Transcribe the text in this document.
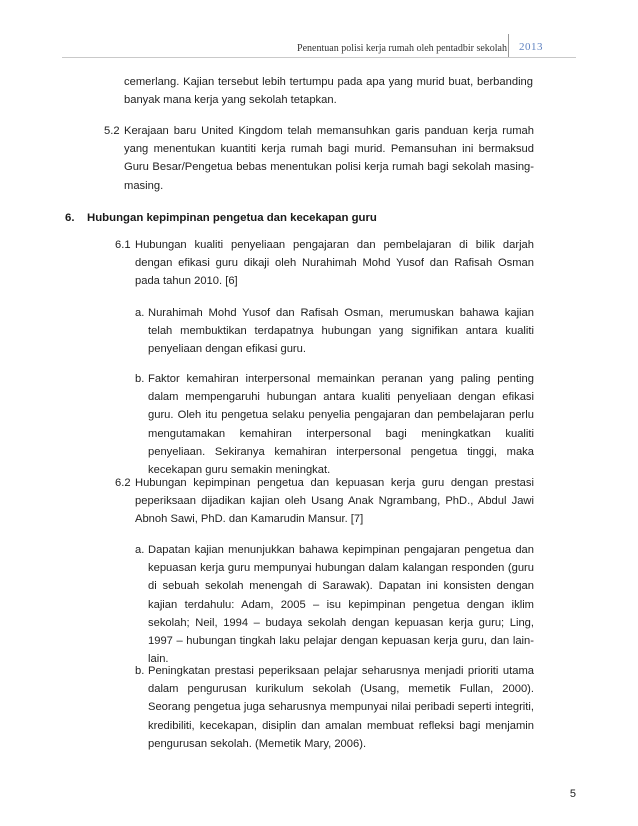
Penentuan polisi kerja rumah oleh pentadbir sekolah 2013
cemerlang. Kajian tersebut lebih tertumpu pada apa yang murid buat, berbanding banyak mana kerja yang sekolah tetapkan.
5.2 Kerajaan baru United Kingdom telah memansuhkan garis panduan kerja rumah yang menentukan kuantiti kerja rumah bagi murid. Pemansuhan ini bermaksud Guru Besar/Pengetua bebas menentukan polisi kerja rumah bagi sekolah masing-masing.
6. Hubungan kepimpinan pengetua dan kecekapan guru
6.1 Hubungan kualiti penyeliaan pengajaran dan pembelajaran di bilik darjah dengan efikasi guru dikaji oleh Nurahimah Mohd Yusof dan Rafisah Osman pada tahun 2010. [6]
a. Nurahimah Mohd Yusof dan Rafisah Osman, merumuskan bahawa kajian telah membuktikan terdapatnya hubungan yang signifikan antara kualiti penyeliaan dengan efikasi guru.
b. Faktor kemahiran interpersonal memainkan peranan yang paling penting dalam mempengaruhi hubungan antara kualiti penyeliaan dengan efikasi guru. Oleh itu pengetua selaku penyelia pengajaran dan pembelajaran perlu mengutamakan kemahiran interpersonal bagi meningkatkan kualiti penyeliaan. Sekiranya kemahiran interpersonal pengetua tinggi, maka kecekapan guru semakin meningkat.
6.2 Hubungan kepimpinan pengetua dan kepuasan kerja guru dengan prestasi peperiksaan dijadikan kajian oleh Usang Anak Ngrambang, PhD., Abdul Jawi Abnoh Sawi, PhD. dan Kamarudin Mansur. [7]
a. Dapatan kajian menunjukkan bahawa kepimpinan pengajaran pengetua dan kepuasan kerja guru mempunyai hubungan dalam kalangan responden (guru di sebuah sekolah menengah di Sarawak). Dapatan ini konsisten dengan kajian terdahulu: Adam, 2005 – isu kepimpinan pengetua dengan iklim sekolah; Neil, 1994 – budaya sekolah dengan kepuasan kerja guru; Ling, 1997 – hubungan tingkah laku pelajar dengan kepuasan kerja guru, dan lain-lain.
b. Peningkatan prestasi peperiksaan pelajar seharusnya menjadi prioriti utama dalam pengurusan kurikulum sekolah (Usang, memetik Fullan, 2000). Seorang pengetua juga seharusnya mempunyai nilai peribadi seperti integriti, kredibiliti, kecekapan, disiplin dan amalan membuat refleksi bagi menjamin pengurusan sekolah. (Memetik Mary, 2006).
5
